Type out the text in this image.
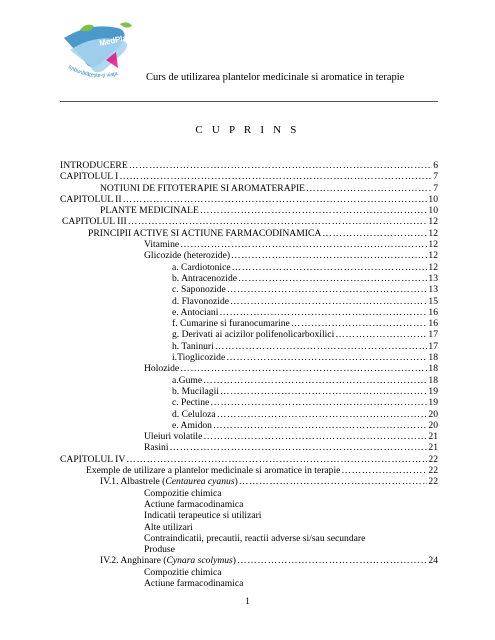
MedPlaNet
Imbunătăţeşte-ţi viaţa	Curs de utilizarea plantelor medicinale si aromatice in terapie
C U P R I N S
INTRODUCERE ……………………………………………………………………………………………………………………………………………………………………………………………………………	6
CAPITOLUL I ……………………………………………………………………………………………………………………………………………………………………………………………………………	7
NOTIUNI DE FITOTERAPIE SI AROMATERAPIE ……………………………………………………………………………………………………………………………………………………………………………………………………………	7
CAPITOLUL II ……………………………………………………………………………………………………………………………………………………………………………………………………………	10
PLANTE MEDICINALE ……………………………………………………………………………………………………………………………………………………………………………………………………………	10
CAPITOLUL III ……………………………………………………………………………………………………………………………………………………………………………………………………………	12
PRINCIPII ACTIVE SI ACTIUNE FARMACODINAMICA ……………………………………………………………………………………………………………………………………………………………………………………………………………	12
Vitamine ……………………………………………………………………………………………………………………………………………………………………………………………………………	12
Glicozide (heterozide) ……………………………………………………………………………………………………………………………………………………………………………………………………………	12
a. Cardiotonice ……………………………………………………………………………………………………………………………………………………………………………………………………………	12
b. Antracenozide ……………………………………………………………………………………………………………………………………………………………………………………………………………	13
c. Saponozide ……………………………………………………………………………………………………………………………………………………………………………………………………………	13
d. Flavonozide ……………………………………………………………………………………………………………………………………………………………………………………………………………	15
e. Antociani ……………………………………………………………………………………………………………………………………………………………………………………………………………	16
f. Cumarine si furanocumarine ……………………………………………………………………………………………………………………………………………………………………………………………………………	16
g. Derivati ai acizilor polifenolicarboxilici ……………………………………………………………………………………………………………………………………………………………………………………………………………	17
h. Taninuri ……………………………………………………………………………………………………………………………………………………………………………………………………………	17
i.Tioglicozide ……………………………………………………………………………………………………………………………………………………………………………………………………………	18
Holozide ……………………………………………………………………………………………………………………………………………………………………………………………………………	18
a.Gume ……………………………………………………………………………………………………………………………………………………………………………………………………………	18
b. Mucilagii ……………………………………………………………………………………………………………………………………………………………………………………………………………	19
c. Pectine ……………………………………………………………………………………………………………………………………………………………………………………………………………	19
d. Celuloza ……………………………………………………………………………………………………………………………………………………………………………………………………………	20
e. Amidon ……………………………………………………………………………………………………………………………………………………………………………………………………………	20
Uleiuri volatile ……………………………………………………………………………………………………………………………………………………………………………………………………………	21
Rasini ……………………………………………………………………………………………………………………………………………………………………………………………………………	21
CAPITOLUL IV ……………………………………………………………………………………………………………………………………………………………………………………………………………	22
Exemple de utilizare a plantelor medicinale si aromatice in terapie ……………………………………………………………………………………………………………………………………………………………………………………………………………	22
IV.1. Albastrele (Centaurea cyanus) ……………………………………………………………………………………………………………………………………………………………………………………………………………	22
Compozitie chimica
Actiune farmacodinamica
Indicatii terapeutice si utilizari
Alte utilizari
Contraindicatii, precautii, reactii adverse si/sau secundare
Produse
IV.2. Anghinare (Cynara scolymus) ……………………………………………………………………………………………………………………………………………………………………………………………………………	24
Compozitie chimica
Actiune farmacodinamica
1
